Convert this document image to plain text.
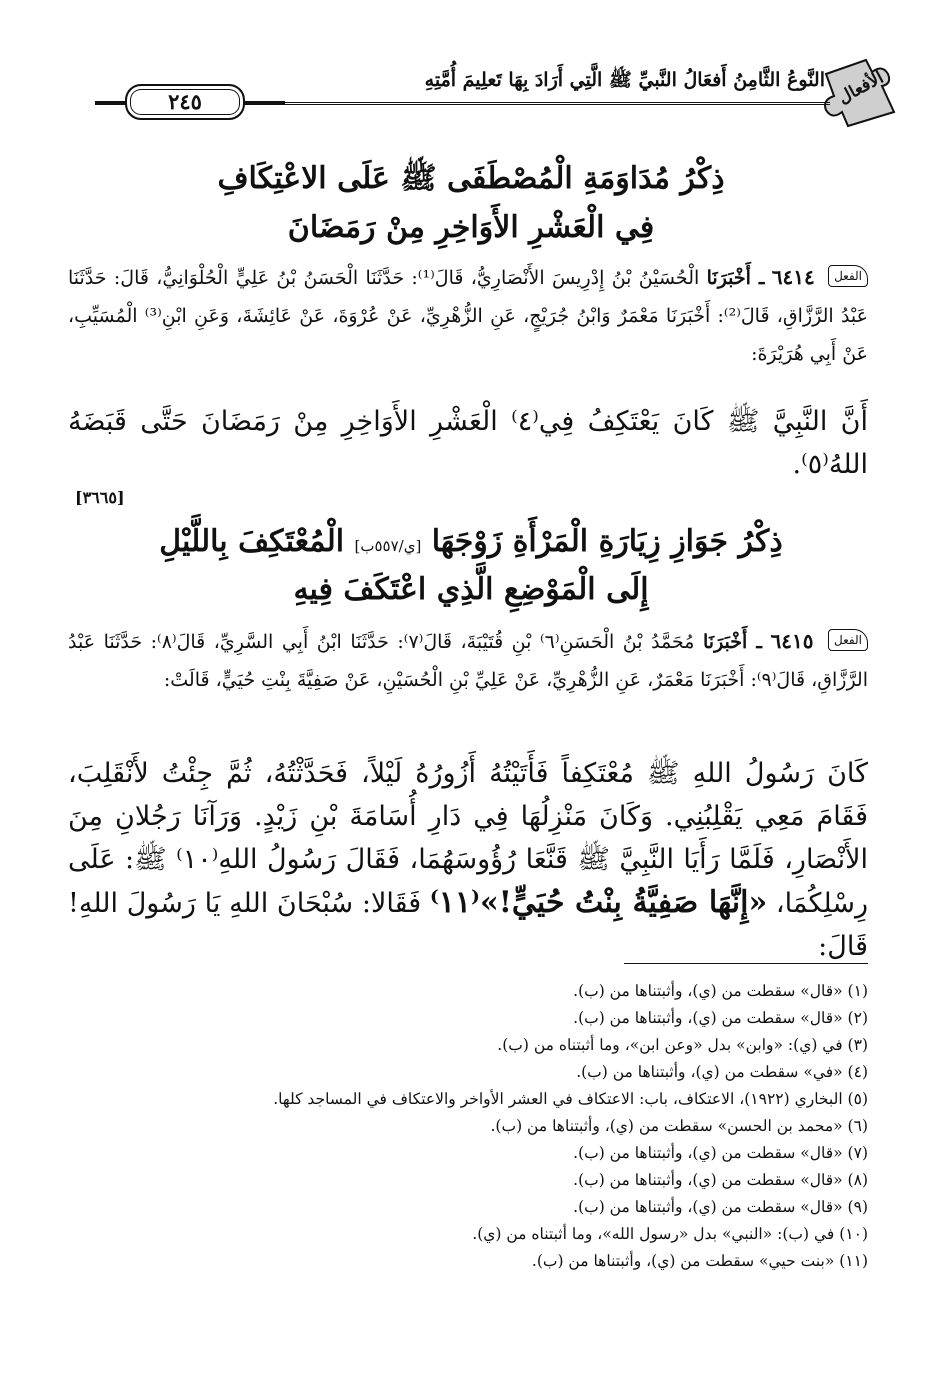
الأفعال
النَّوعُ الثَّامِنُ أَفعَالُ النَّبيِّ ﷺ الَّتِي أَرَادَ بِهَا تَعلِيمَ أُمَّتِهِ
٢٤٥
ذِكْرُ مُدَاوَمَةِ الْمُصْطَفَى ﷺ عَلَى الاعْتِكَافِ
فِي الْعَشْرِ الأَوَاخِرِ مِنْ رَمَضَانَ
الفعل ٦٤١٤ ـ أَخْبَرَنَا الْحُسَيْنُ بْنُ إِدْرِيسَ الأَنْصَارِيُّ، قَالَ⁽¹⁾: حَدَّثَنَا الْحَسَنُ بْنُ عَلِيٍّ الْحُلْوَانِيُّ، قَالَ: حَدَّثَنَا عَبْدُ الرَّزَّاقِ، قَالَ⁽²⁾: أَخْبَرَنَا مَعْمَرٌ وَابْنُ جُرَيْجٍ، عَنِ الزُّهْرِيِّ، عَنْ عُرْوَةَ، عَنْ عَائِشَةَ، وَعَنِ ابْنِ⁽³⁾ الْمُسَيِّبِ، عَنْ أَبِي هُرَيْرَةَ:
أَنَّ النَّبِيَّ ﷺ كَانَ يَعْتَكِفُ فِي⁽٤⁾ الْعَشْرِ الأَوَاخِرِ مِنْ رَمَضَانَ حَتَّى قَبَضَهُ اللهُ⁽٥⁾.
[٣٦٦٥]
ذِكْرُ جَوَازِ زِيَارَةِ الْمَرْأَةِ زَوْجَهَا [ي/٥٥٧ب] الْمُعْتَكِفَ بِاللَّيْلِ
إِلَى الْمَوْضِعِ الَّذِي اعْتَكَفَ فِيهِ
الفعل ٦٤١٥ ـ أَخْبَرَنَا مُحَمَّدُ بْنُ الْحَسَنِ⁽٦⁾ بْنِ قُتَيْبَةَ، قَالَ⁽٧⁾: حَدَّثَنَا ابْنُ أَبِي السَّرِيِّ، قَالَ⁽٨⁾: حَدَّثَنَا عَبْدُ الرَّزَّاقِ، قَالَ⁽٩⁾: أَخْبَرَنَا مَعْمَرٌ، عَنِ الزُّهْرِيِّ، عَنْ عَلِيِّ بْنِ الْحُسَيْنِ، عَنْ صَفِيَّةَ بِنْتِ حُيَيٍّ، قَالَتْ:
كَانَ رَسُولُ اللهِ ﷺ مُعْتَكِفاً فَأَتَيْتُهُ أَزُورُهُ لَيْلاً، فَحَدَّثْتُهُ، ثُمَّ جِئْتُ لأَنْقَلِبَ، فَقَامَ مَعِي يَقْلِبُنِي. وَكَانَ مَنْزِلُهَا فِي دَارِ أُسَامَةَ بْنِ زَيْدٍ. وَرَآنَا رَجُلانِ مِنَ الأَنْصَارِ، فَلَمَّا رَأَيَا النَّبِيَّ ﷺ قَنَّعَا رُؤُوسَهُمَا، فَقَالَ رَسُولُ اللهِ⁽١٠⁾ ﷺ: عَلَى رِسْلِكُمَا، «إِنَّهَا صَفِيَّةُ بِنْتُ حُيَيٍّ!»⁽١١⁾ فَقَالا: سُبْحَانَ اللهِ يَا رَسُولَ اللهِ! قَالَ:
(١) «قال» سقطت من (ي)، وأثبتناها من (ب).
(٢) «قال» سقطت من (ي)، وأثبتناها من (ب).
(٣) في (ي): «وابن» بدل «وعن ابن»، وما أثبتناه من (ب).
(٤) «في» سقطت من (ي)، وأثبتناها من (ب).
(٥) البخاري (١٩٢٢)، الاعتكاف، باب: الاعتكاف في العشر الأواخر والاعتكاف في المساجد كلها.
(٦) «محمد بن الحسن» سقطت من (ي)، وأثبتناها من (ب).
(٧) «قال» سقطت من (ي)، وأثبتناها من (ب).
(٨) «قال» سقطت من (ي)، وأثبتناها من (ب).
(٩) «قال» سقطت من (ي)، وأثبتناها من (ب).
(١٠) في (ب): «النبي» بدل «رسول الله»، وما أثبتناه من (ي).
(١١) «بنت حيي» سقطت من (ي)، وأثبتناها من (ب).
